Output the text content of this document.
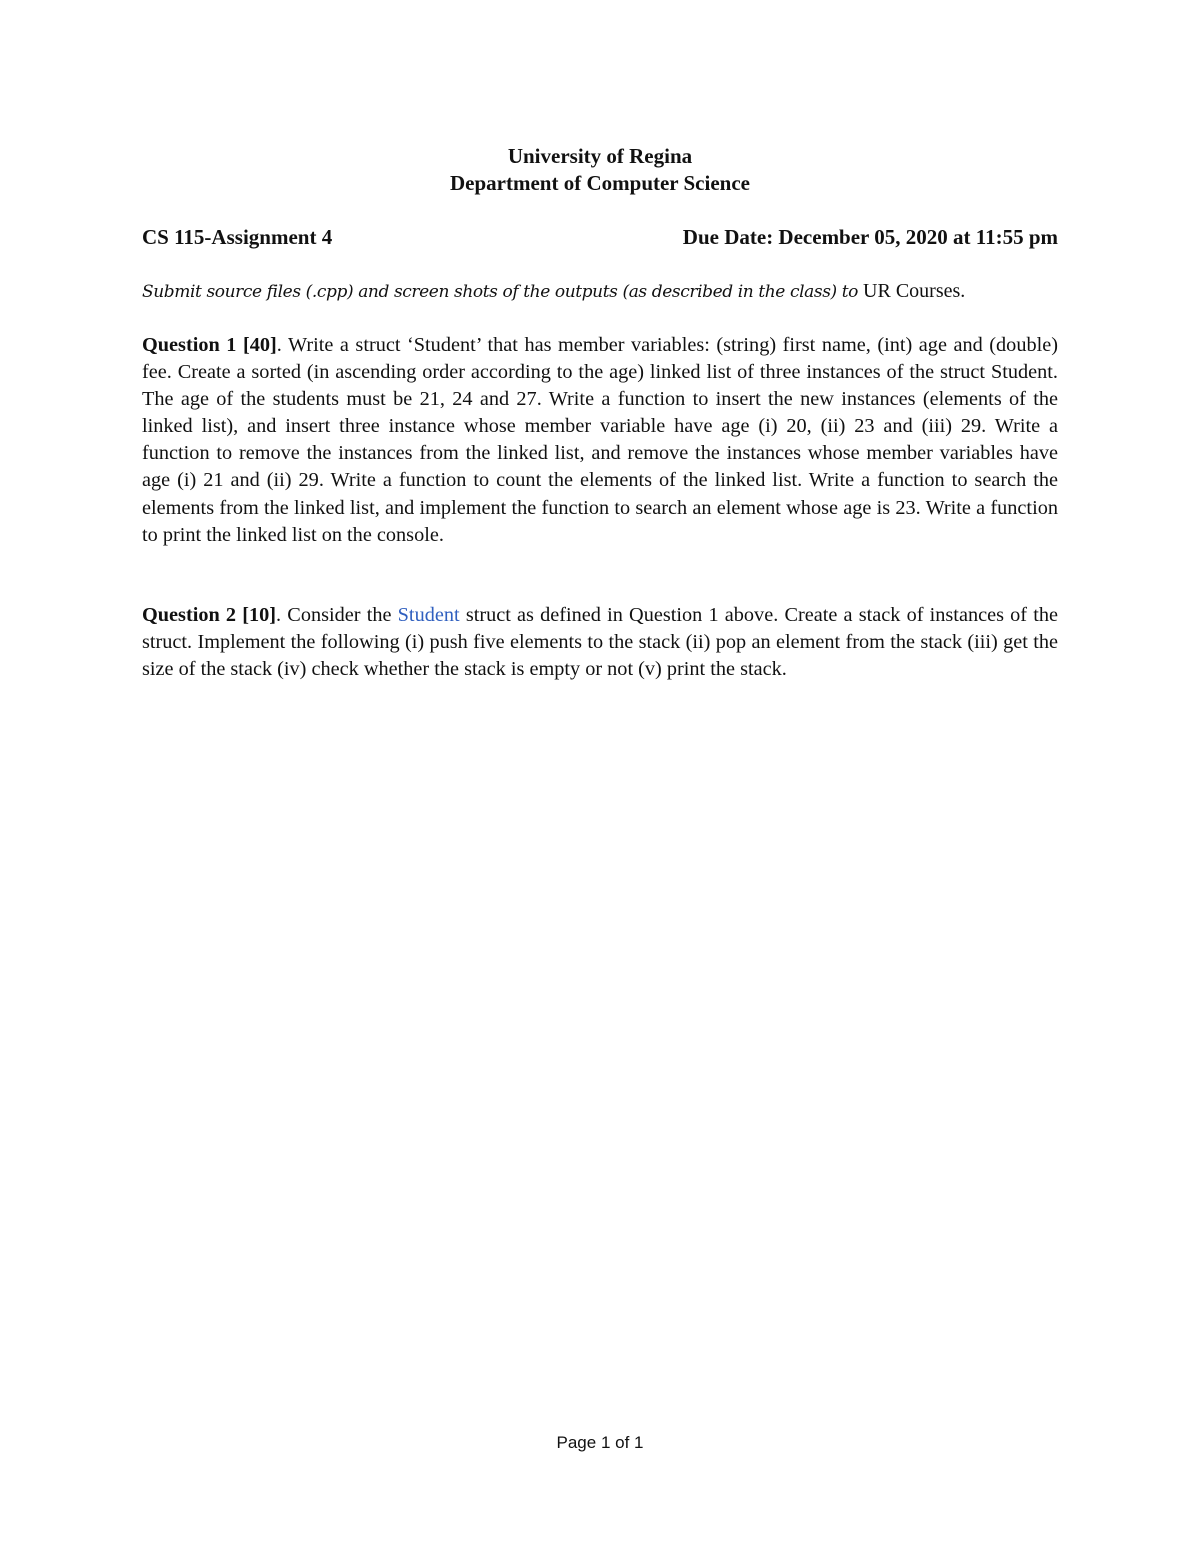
University of Regina
Department of Computer Science
CS 115-Assignment 4	Due Date: December 05, 2020 at 11:55 pm
Submit source files (.cpp) and screen shots of the outputs (as described in the class) to UR Courses.
Question 1 [40]. Write a struct ‘Student’ that has member variables: (string) first name, (int) age and (double) fee. Create a sorted (in ascending order according to the age) linked list of three instances of the struct Student. The age of the students must be 21, 24 and 27. Write a function to insert the new instances (elements of the linked list), and insert three instance whose member variable have age (i) 20, (ii) 23 and (iii) 29. Write a function to remove the instances from the linked list, and remove the instances whose member variables have age (i) 21 and (ii) 29. Write a function to count the elements of the linked list. Write a function to search the elements from the linked list, and implement the function to search an element whose age is 23. Write a function to print the linked list on the console.
Question 2 [10]. Consider the Student struct as defined in Question 1 above. Create a stack of instances of the struct. Implement the following (i) push five elements to the stack (ii) pop an element from the stack (iii) get the size of the stack (iv) check whether the stack is empty or not (v) print the stack.
Page 1 of 1
